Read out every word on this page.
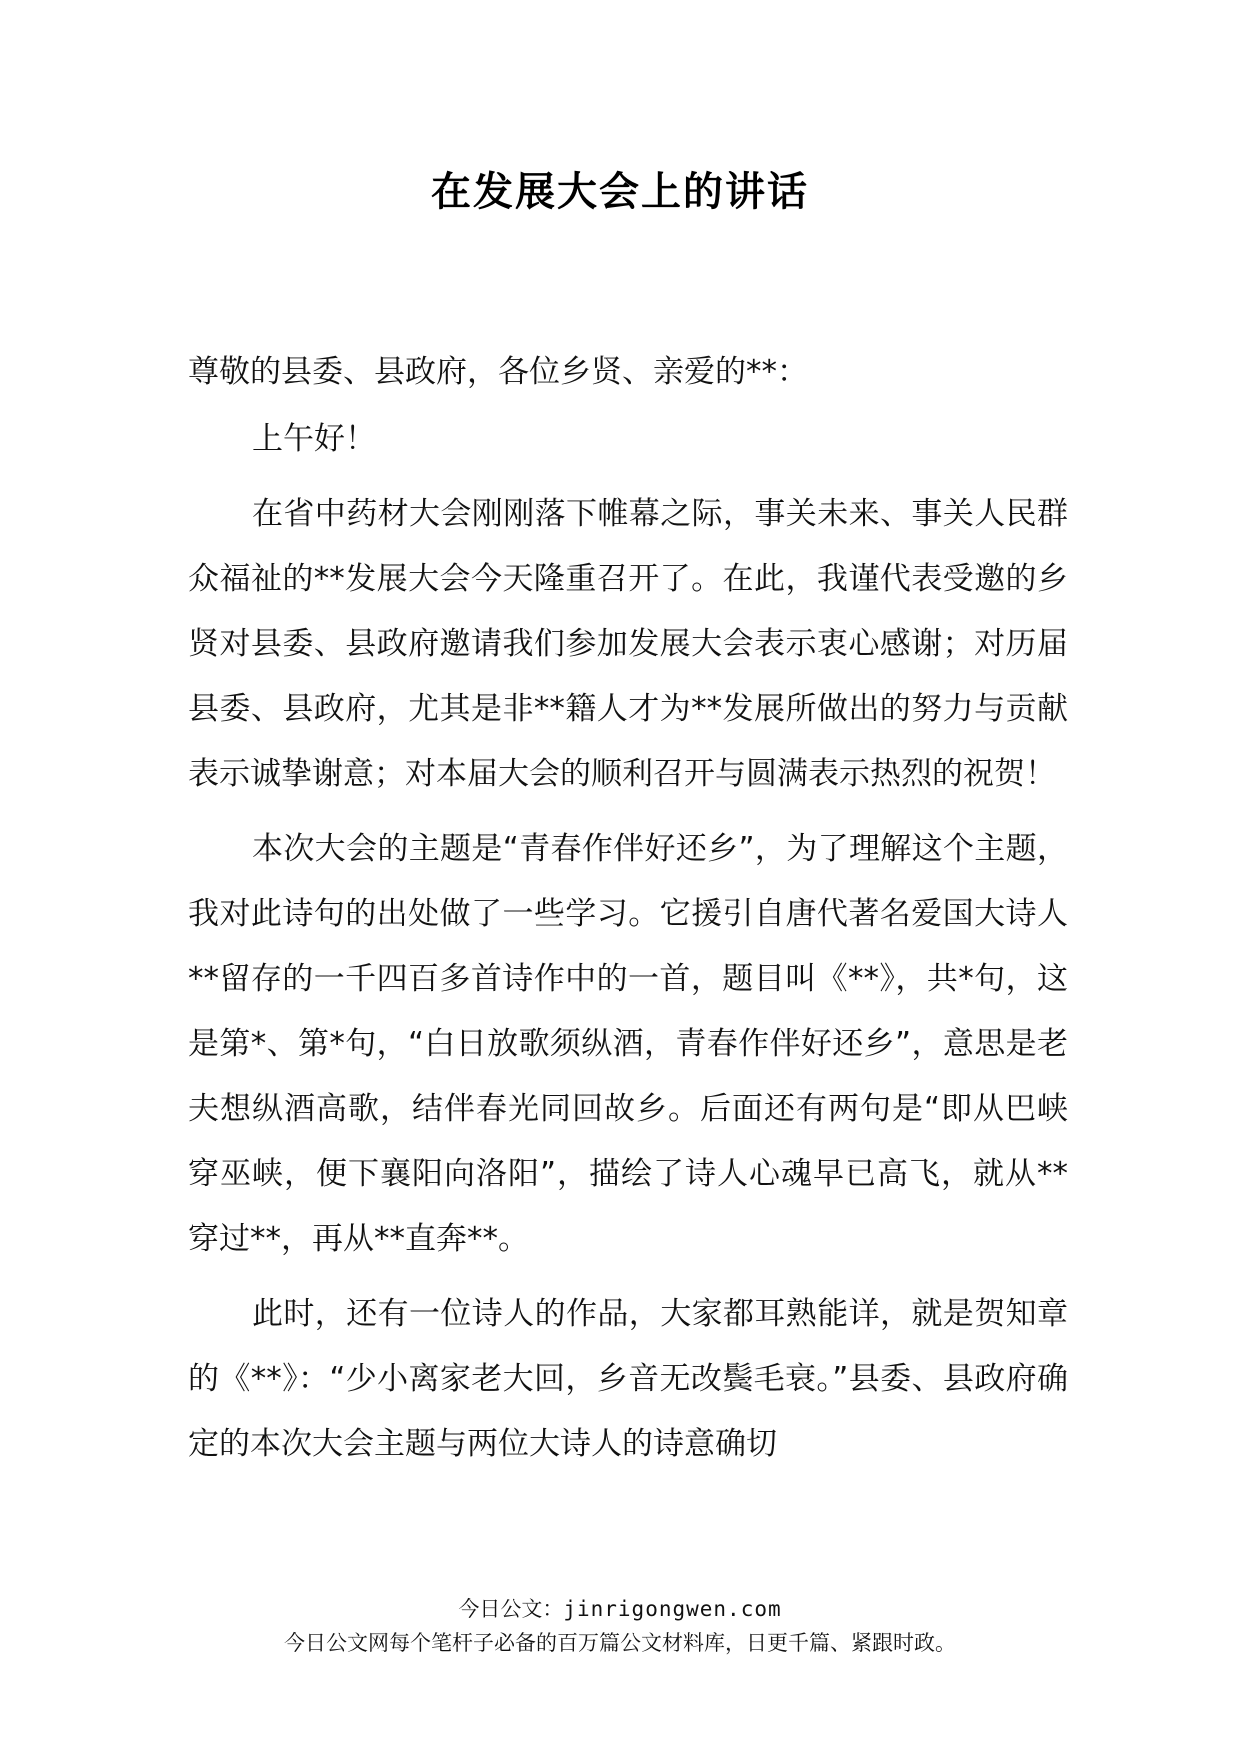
在发展大会上的讲话

尊敬的县委、县政府，各位乡贤、亲爱的**：

上午好！

在省中药材大会刚刚落下帷幕之际，事关未来、事关人民群众福祉的**发展大会今天隆重召开了。在此，我谨代表受邀的乡贤对县委、县政府邀请我们参加发展大会表示衷心感谢；对历届县委、县政府，尤其是非**籍人才为**发展所做出的努力与贡献表示诚挚谢意；对本届大会的顺利召开与圆满表示热烈的祝贺！

本次大会的主题是“青春作伴好还乡”，为了理解这个主题，我对此诗句的出处做了一些学习。它援引自唐代著名爱国大诗人**留存的一千四百多首诗作中的一首，题目叫《**》，共*句，这是第*、第*句，“白日放歌须纵酒，青春作伴好还乡”，意思是老夫想纵酒高歌，结伴春光同回故乡。后面还有两句是“即从巴峡穿巫峡，便下襄阳向洛阳”，描绘了诗人心魂早已高飞，就从**穿过**，再从**直奔**。

此时，还有一位诗人的作品，大家都耳熟能详，就是贺知章的《**》：“少小离家老大回，乡音无改鬓毛衰。”县委、县政府确定的本次大会主题与两位大诗人的诗意确切

今日公文：jinrigongwen.com
今日公文网每个笔杆子必备的百万篇公文材料库，日更千篇、紧跟时政。
